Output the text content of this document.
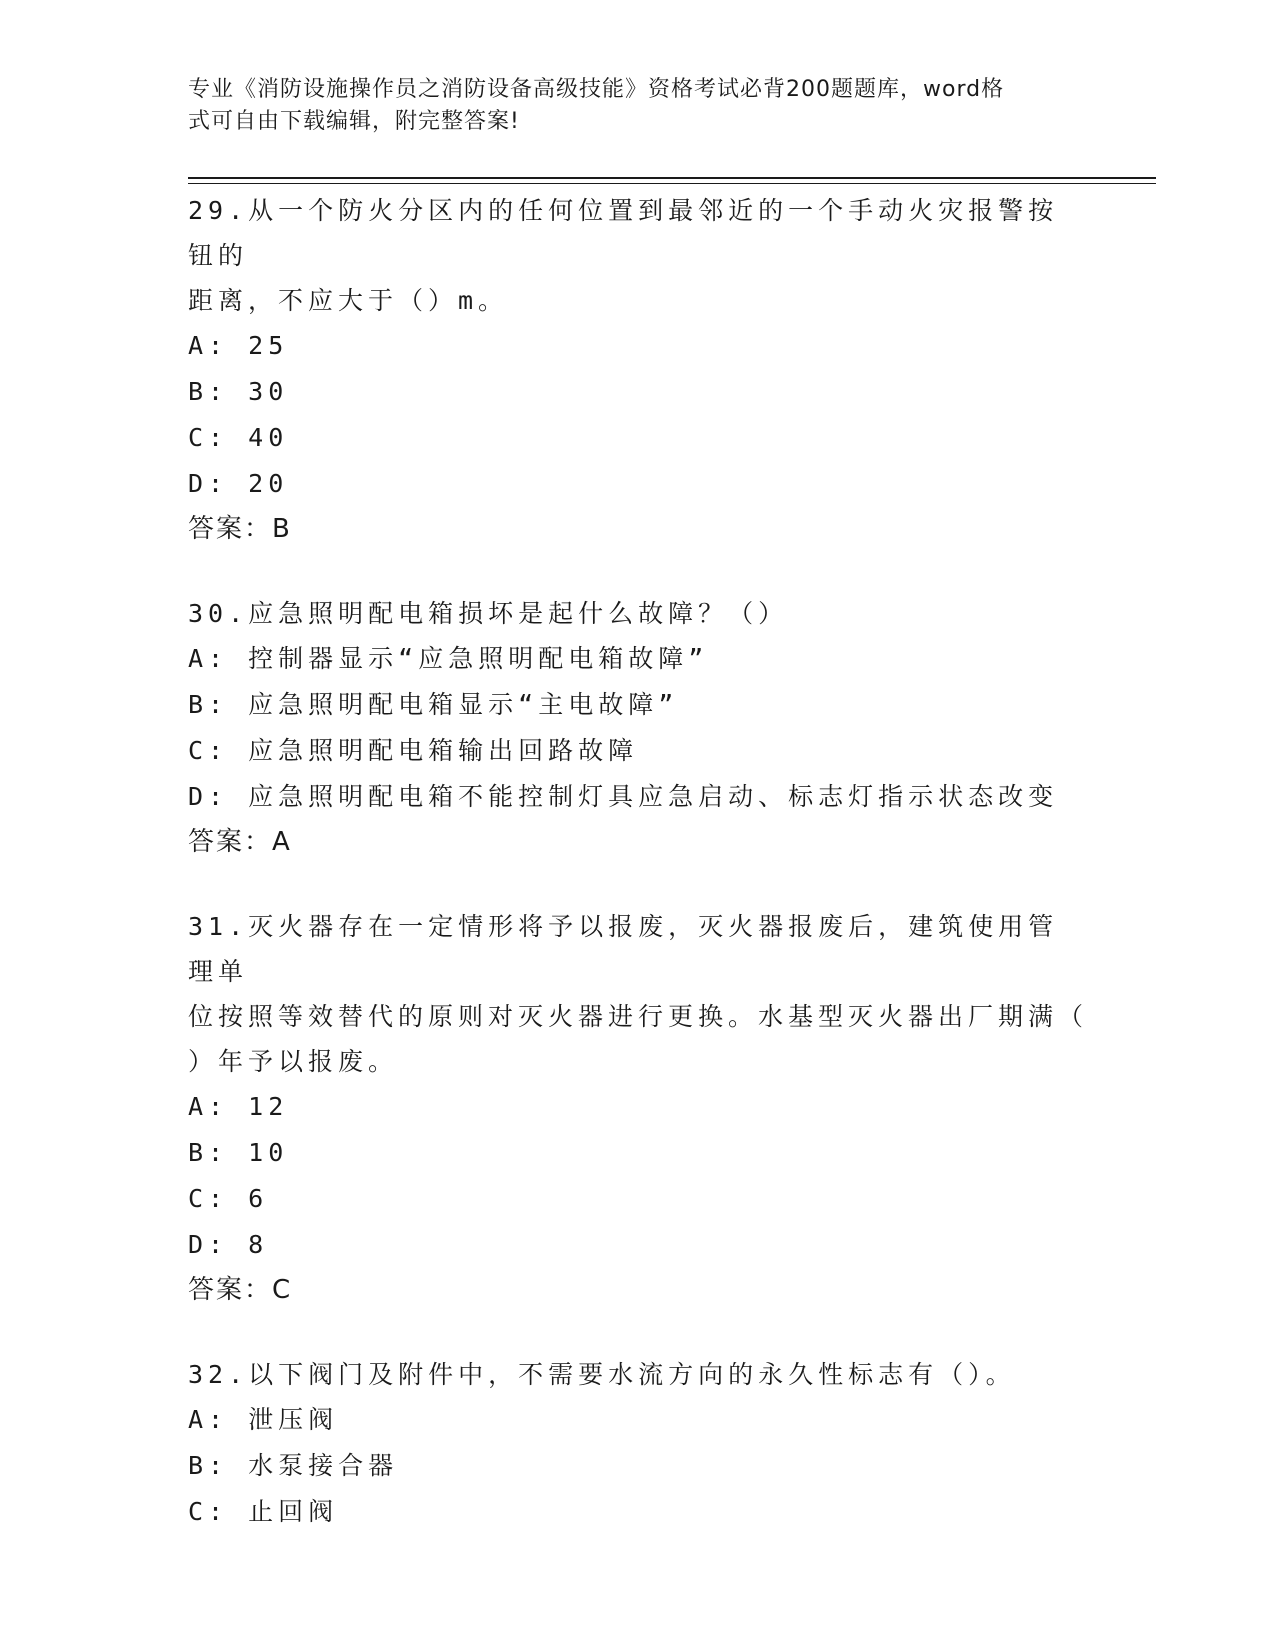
专业《消防设施操作员之消防设备高级技能》资格考试必背200题题库，word格
式可自由下载编辑，附完整答案!
29.从一个防火分区内的任何位置到最邻近的一个手动火灾报警按钮的
距离，不应大于（）m。
A: 25
B: 30
C: 40
D: 20
答案：B
30.应急照明配电箱损坏是起什么故障？（）
A: 控制器显示“应急照明配电箱故障”
B: 应急照明配电箱显示“主电故障”
C: 应急照明配电箱输出回路故障
D: 应急照明配电箱不能控制灯具应急启动、标志灯指示状态改变
答案：A
31.灭火器存在一定情形将予以报废，灭火器报废后，建筑使用管理单
位按照等效替代的原则对灭火器进行更换。水基型灭火器出厂期满（
）年予以报废。
A: 12
B: 10
C: 6
D: 8
答案：C
32.以下阀门及附件中，不需要水流方向的永久性标志有（）。
A: 泄压阀
B: 水泵接合器
C: 止回阀
